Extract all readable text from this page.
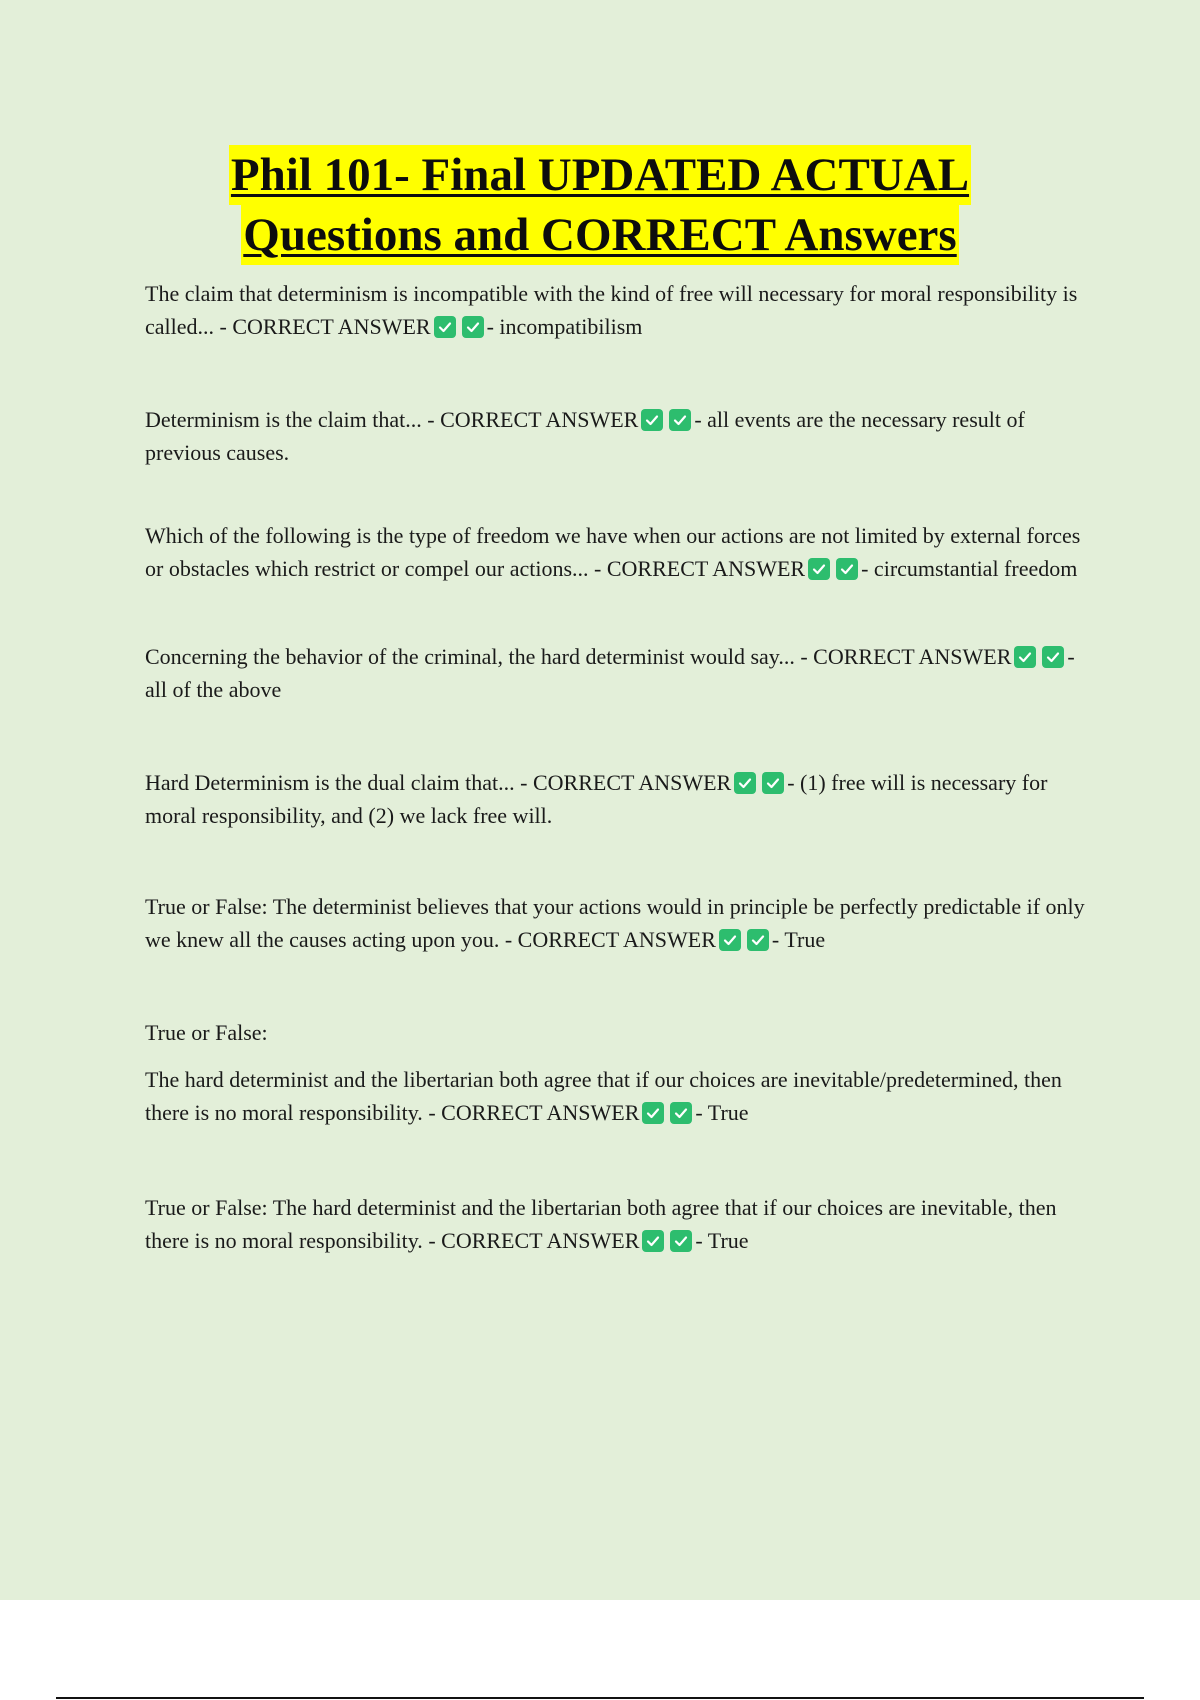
Phil 101- Final UPDATED ACTUAL
Questions and CORRECT Answers

The claim that determinism is incompatible with the kind of free will necessary for moral responsibility is called... - CORRECT ANSWER	- incompatibilism

Determinism is the claim that... - CORRECT ANSWER	- all events are the necessary result of previous causes.

Which of the following is the type of freedom we have when our actions are not limited by external forces or obstacles which restrict or compel our actions... - CORRECT ANSWER	- circumstantial freedom

Concerning the behavior of the criminal, the hard determinist would say... - CORRECT ANSWER	- all of the above

Hard Determinism is the dual claim that... - CORRECT ANSWER	- (1) free will is necessary for moral responsibility, and (2) we lack free will.

True or False: The determinist believes that your actions would in principle be perfectly predictable if only we knew all the causes acting upon you. - CORRECT ANSWER	- True

True or False:

The hard determinist and the libertarian both agree that if our choices are inevitable/predetermined, then there is no moral responsibility. - CORRECT ANSWER	- True

True or False: The hard determinist and the libertarian both agree that if our choices are inevitable, then there is no moral responsibility. - CORRECT ANSWER	- True
